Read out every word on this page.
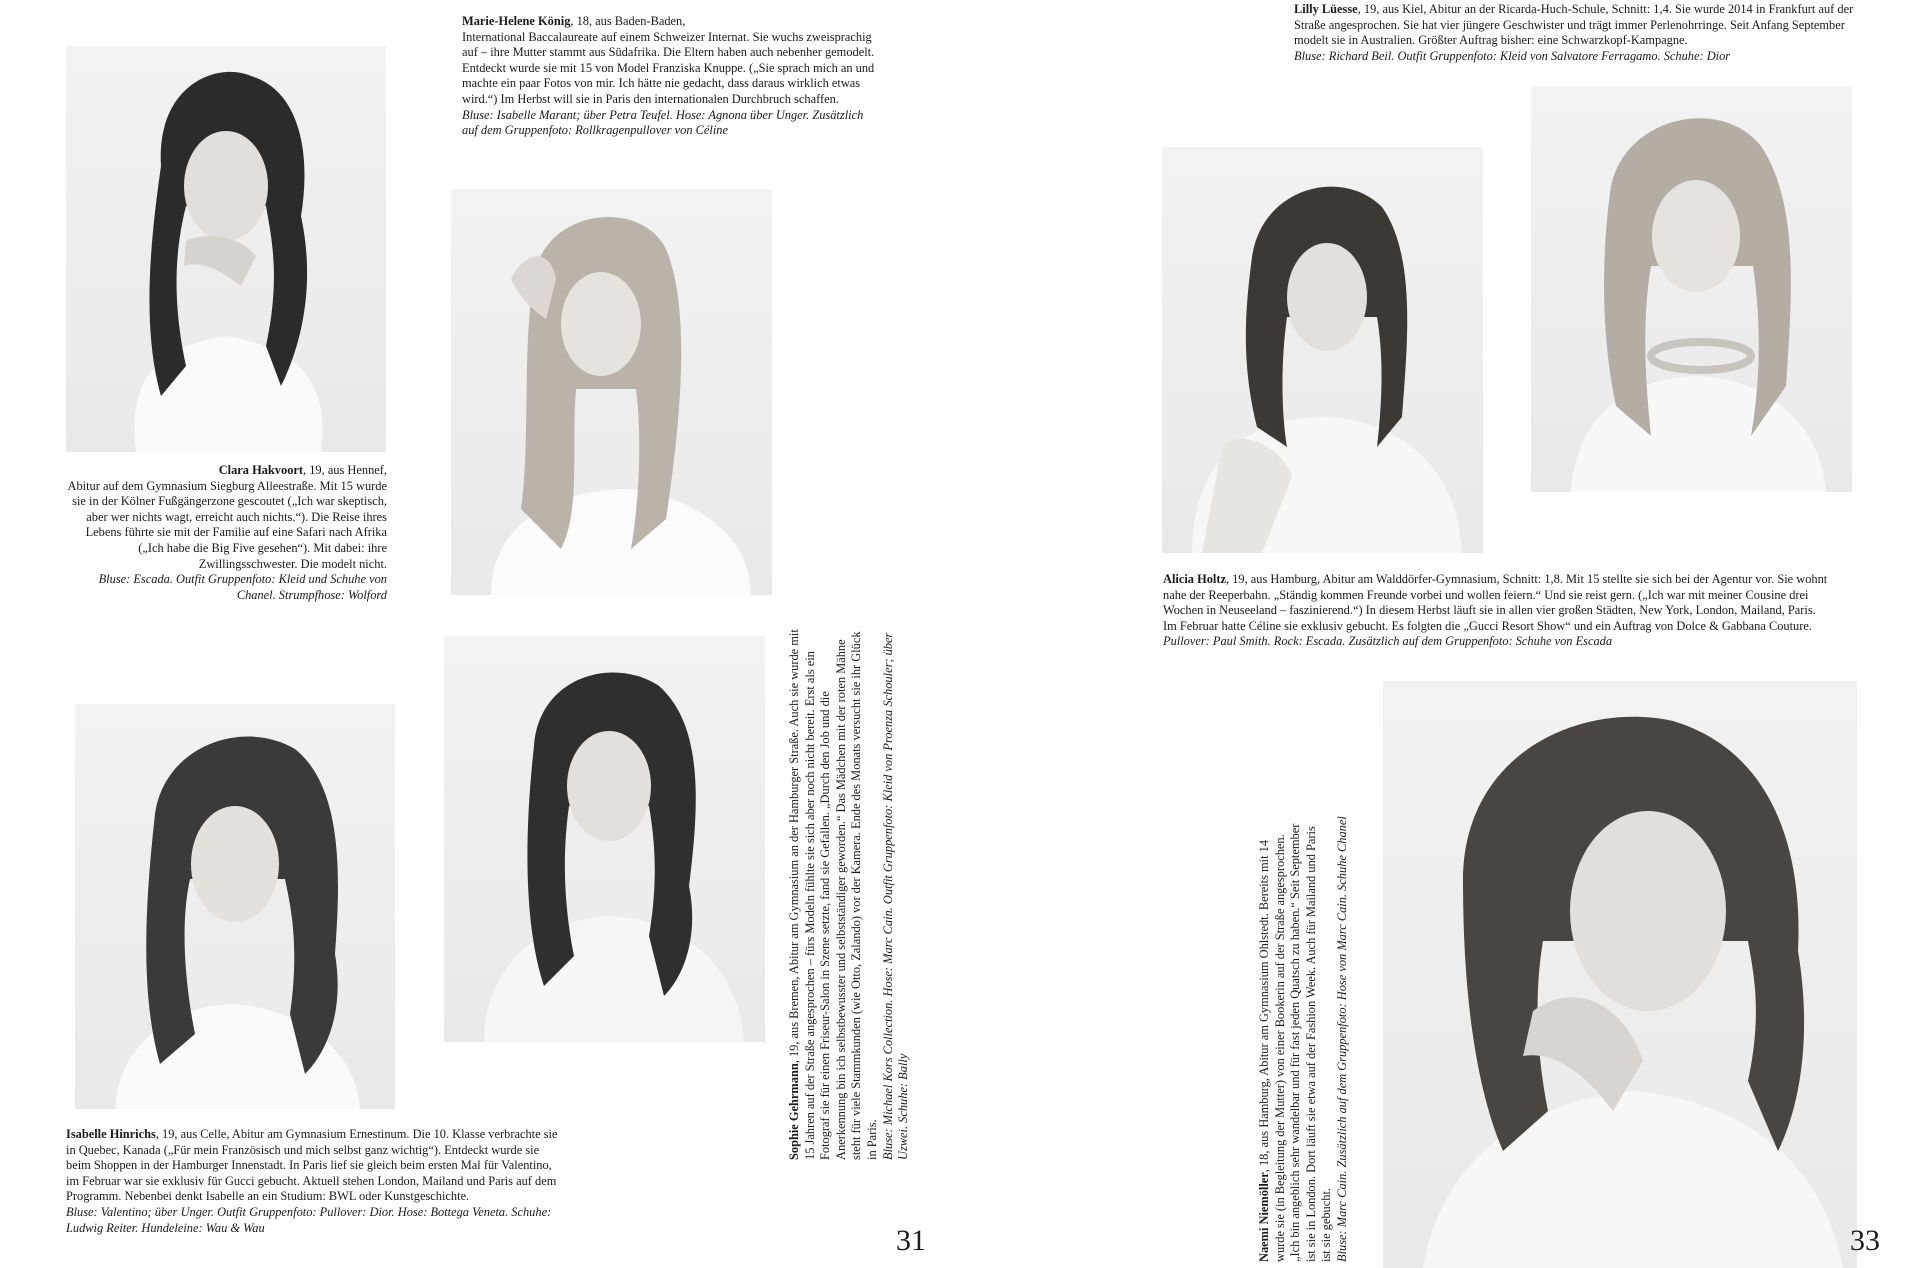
Clara Hakvoort, 19, aus Hennef,

Abitur auf dem Gymnasium Siegburg Alleestraße. Mit 15 wurde sie in der Kölner Fußgängerzone gescoutet („Ich war skeptisch, aber wer nichts wagt, erreicht auch nichts.“). Die Reise ihres Lebens führte sie mit der Familie auf eine Safari nach Afrika („Ich habe die Big Five gesehen“). Mit dabei: ihre Zwillingsschwester. Die modelt nicht.

Bluse: Escada. Outfit Gruppenfoto: Kleid und Schuhe von Chanel. Strumpfhose: Wolford

Marie-Helene König, 18, aus Baden-Baden,

International Baccalaureate auf einem Schweizer Internat. Sie wuchs zweisprachig auf – ihre Mutter stammt aus Südafrika. Die Eltern haben auch nebenher gemodelt. Entdeckt wurde sie mit 15 von Model Franziska Knuppe. („Sie sprach mich an und machte ein paar Fotos von mir. Ich hätte nie gedacht, dass daraus wirklich etwas wird.“) Im Herbst will sie in Paris den internationalen Durchbruch schaffen.

Bluse: Isabelle Marant; über Petra Teufel. Hose: Agnona über Unger. Zusätzlich auf dem Gruppenfoto: Rollkragenpullover von Céline

Isabelle Hinrichs, 19, aus Celle, Abitur am Gymnasium Ernestinum. Die 10. Klasse verbrachte sie in Quebec, Kanada („Für mein Französisch und mich selbst ganz wichtig“). Entdeckt wurde sie beim Shoppen in der Hamburger Innenstadt. In Paris lief sie gleich beim ersten Mal für Valentino, im Februar war sie exklusiv für Gucci gebucht. Aktuell stehen London, Mailand und Paris auf dem Programm. Nebenbei denkt Isabelle an ein Studium: BWL oder Kunstgeschichte.

Bluse: Valentino; über Unger. Outfit Gruppenfoto: Pullover: Dior. Hose: Bottega Veneta. Schuhe: Ludwig Reiter. Hundeleine: Wau & Wau

Sophie Gehrmann, 19, aus Bremen, Abitur am Gymnasium an der Hamburger Straße. Auch sie wurde mit 15 Jahren auf der Straße angesprochen – fürs Modeln fühlte sie sich aber noch nicht bereit. Erst als ein Fotograf sie für einen Friseur-Salon in Szene setzte, fand sie Gefallen. „Durch den Job und die Anerkennung bin ich selbstbewusster und selbstständiger geworden.“ Das Mädchen mit der roten Mähne steht für viele Stammkunden (wie Otto, Zalando) vor der Kamera. Ende des Monats versucht sie ihr Glück in Paris. Bluse: Michael Kors Collection. Hose: Marc Cain. Outfit Gruppenfoto: Kleid von Proenza Schouler; über Uzwei. Schuhe: Bally

31

Lilly Lüesse, 19, aus Kiel, Abitur an der Ricarda-Huch-Schule, Schnitt: 1,4. Sie wurde 2014 in Frankfurt auf der Straße angesprochen. Sie hat vier jüngere Geschwister und trägt immer Perlenohrringe. Seit Anfang September modelt sie in Australien. Größter Auftrag bisher: eine Schwarzkopf-Kampagne.

Bluse: Richard Beil. Outfit Gruppenfoto: Kleid von Salvatore Ferragamo. Schuhe: Dior

Alicia Holtz, 19, aus Hamburg, Abitur am Walddörfer-Gymnasium, Schnitt: 1,8. Mit 15 stellte sie sich bei der Agentur vor. Sie wohnt nahe der Reeperbahn. „Ständig kommen Freunde vorbei und wollen feiern.“ Und sie reist gern. („Ich war mit meiner Cousine drei Wochen in Neuseeland – faszinierend.“) In diesem Herbst läuft sie in allen vier großen Städten, New York, London, Mailand, Paris. Im Februar hatte Céline sie exklusiv gebucht. Es folgten die „Gucci Resort Show“ und ein Auftrag von Dolce & Gabbana Couture.

Pullover: Paul Smith. Rock: Escada. Zusätzlich auf dem Gruppenfoto: Schuhe von Escada

Naemi Niemöller, 18, aus Hamburg, Abitur am Gymnasium Ohlstedt. Bereits mit 14 wurde sie (in Begleitung der Mutter) von einer Bookerin auf der Straße angesprochen. „Ich bin angeblich sehr wandelbar und für fast jeden Quatsch zu haben.“ Seit September ist sie in London. Dort läuft sie etwa auf der Fashion Week. Auch für Mailand und Paris ist sie gebucht. Bluse: Marc Cain. Zusätzlich auf dem Gruppenfoto: Hose von Marc Cain. Schuhe Chanel	33
